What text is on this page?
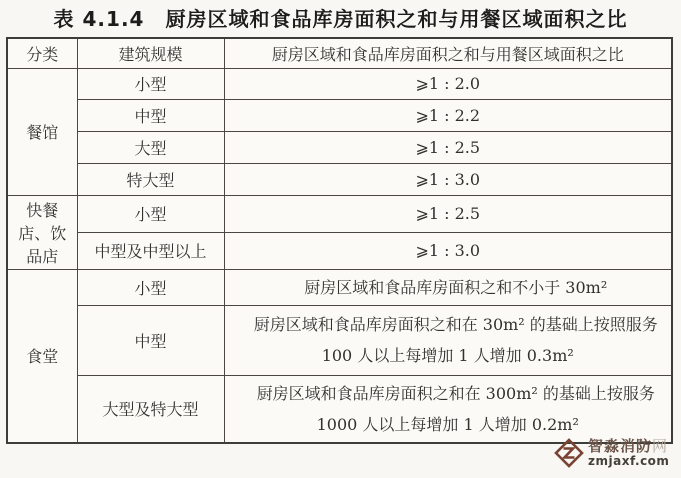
表 4.1.4　厨房区域和食品库房面积之和与用餐区域面积之比
分类	建筑规模	厨房区域和食品库房面积之和与用餐区域面积之比
餐馆	小型	⩾1 : 2.0
	中型	⩾1 : 2.2
	大型	⩾1 : 2.5
	特大型	⩾1 : 3.0
快餐店、饮品店	小型	⩾1 : 2.5
	中型及中型以上	⩾1 : 3.0
食堂	小型	厨房区域和食品库房面积之和不小于 30m²
	中型	厨房区域和食品库房面积之和在 30m² 的基础上按照服务 100 人以上每增加 1 人增加 0.3m²
	大型及特大型	厨房区域和食品库房面积之和在 300m² 的基础上按服务 1000 人以上每增加 1 人增加 0.2m²
智淼消防网
zmjaxf.com
